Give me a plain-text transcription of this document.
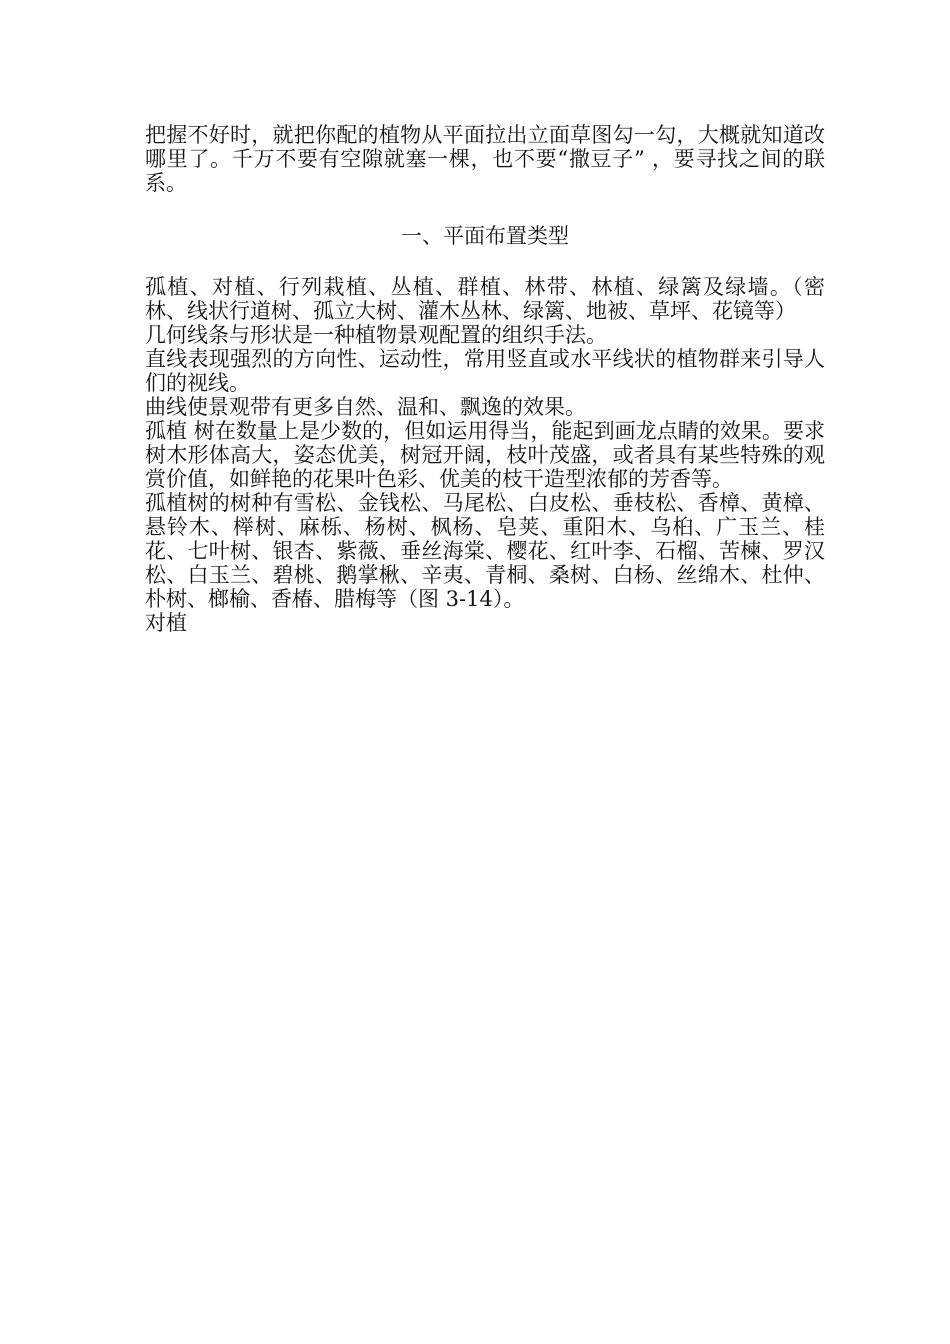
把握不好时，就把你配的植物从平面拉出立面草图勾一勾，大概就知道改哪里了。千万不要有空隙就塞一棵，也不要“撒豆子” ，要寻找之间的联系。

一、平面布置类型

孤植、对植、行列栽植、丛植、群植、林带、林植、绿篱及绿墙。（密林、线状行道树、孤立大树、灌木丛林、绿篱、地被、草坪、花镜等）

几何线条与形状是一种植物景观配置的组织手法。

直线表现强烈的方向性、运动性，常用竖直或水平线状的植物群来引导人们的视线。

曲线使景观带有更多自然、温和、飘逸的效果。

孤植 树在数量上是少数的，但如运用得当，能起到画龙点睛的效果。要求树木形体高大，姿态优美，树冠开阔，枝叶茂盛，或者具有某些特殊的观赏价值，如鲜艳的花果叶色彩、优美的枝干造型浓郁的芳香等。

孤植树的树种有雪松、金钱松、马尾松、白皮松、垂枝松、香樟、黄樟、悬铃木、榉树、麻栎、杨树、枫杨、皂荚、重阳木、乌桕、广玉兰、桂花、七叶树、银杏、紫薇、垂丝海棠、樱花、红叶李、石榴、苦楝、罗汉松、白玉兰、碧桃、鹅掌楸、辛夷、青桐、桑树、白杨、丝绵木、杜仲、朴树、榔榆、香椿、腊梅等（图 3-14）。

对植
